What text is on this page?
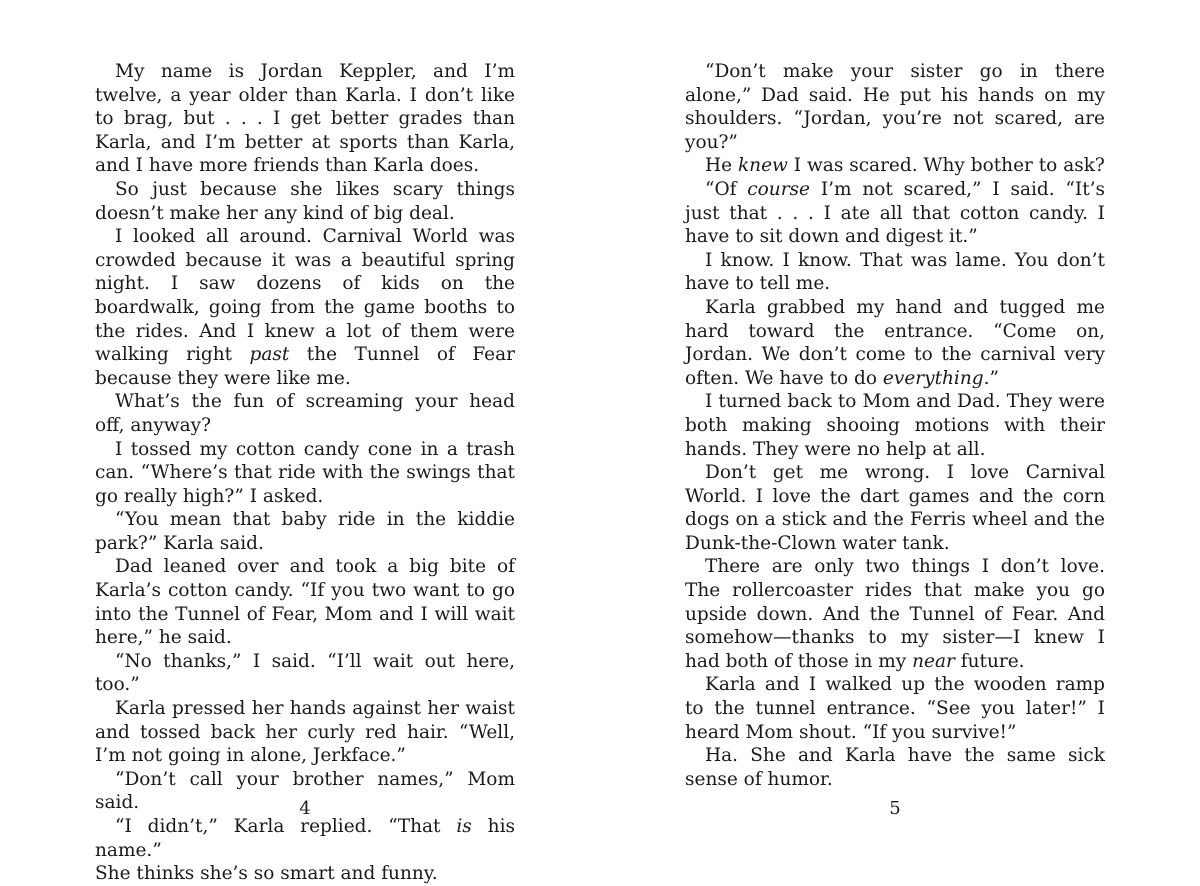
My name is Jordan Keppler, and I’m twelve, a year older than Karla. I don’t like to brag, but . . . I get better grades than Karla, and I’m better at sports than Karla, and I have more friends than Karla does.

So just because she likes scary things doesn’t make her any kind of big deal.

I looked all around. Carnival World was crowded because it was a beautiful spring night. I saw dozens of kids on the boardwalk, going from the game booths to the rides. And I knew a lot of them were walking right past the Tunnel of Fear because they were like me.

What’s the fun of screaming your head off, anyway?

I tossed my cotton candy cone in a trash can. “Where’s that ride with the swings that go really high?” I asked.

“You mean that baby ride in the kiddie park?” Karla said.

Dad leaned over and took a big bite of Karla’s cotton candy. “If you two want to go into the Tunnel of Fear, Mom and I will wait here,” he said.

“No thanks,” I said. “I’ll wait out here, too.”

Karla pressed her hands against her waist and tossed back her curly red hair. “Well, I’m not going in alone, Jerkface.”

“Don’t call your brother names,” Mom said.

“I didn’t,” Karla replied. “That is his name.”

She thinks she’s so smart and funny.

4

“Don’t make your sister go in there alone,” Dad said. He put his hands on my shoulders. “Jordan, you’re not scared, are you?”

He knew I was scared. Why bother to ask?

“Of course I’m not scared,” I said. “It’s just that . . . I ate all that cotton candy. I have to sit down and digest it.”

I know. I know. That was lame. You don’t have to tell me.

Karla grabbed my hand and tugged me hard toward the entrance. “Come on, Jordan. We don’t come to the carnival very often. We have to do everything.”

I turned back to Mom and Dad. They were both making shooing motions with their hands. They were no help at all.

Don’t get me wrong. I love Carnival World. I love the dart games and the corn dogs on a stick and the Ferris wheel and the Dunk-the-Clown water tank.

There are only two things I don’t love. The rollercoaster rides that make you go upside down. And the Tunnel of Fear. And somehow—thanks to my sister—I knew I had both of those in my near future.

Karla and I walked up the wooden ramp to the tunnel entrance. “See you later!” I heard Mom shout. “If you survive!”

Ha. She and Karla have the same sick sense of humor.

5
